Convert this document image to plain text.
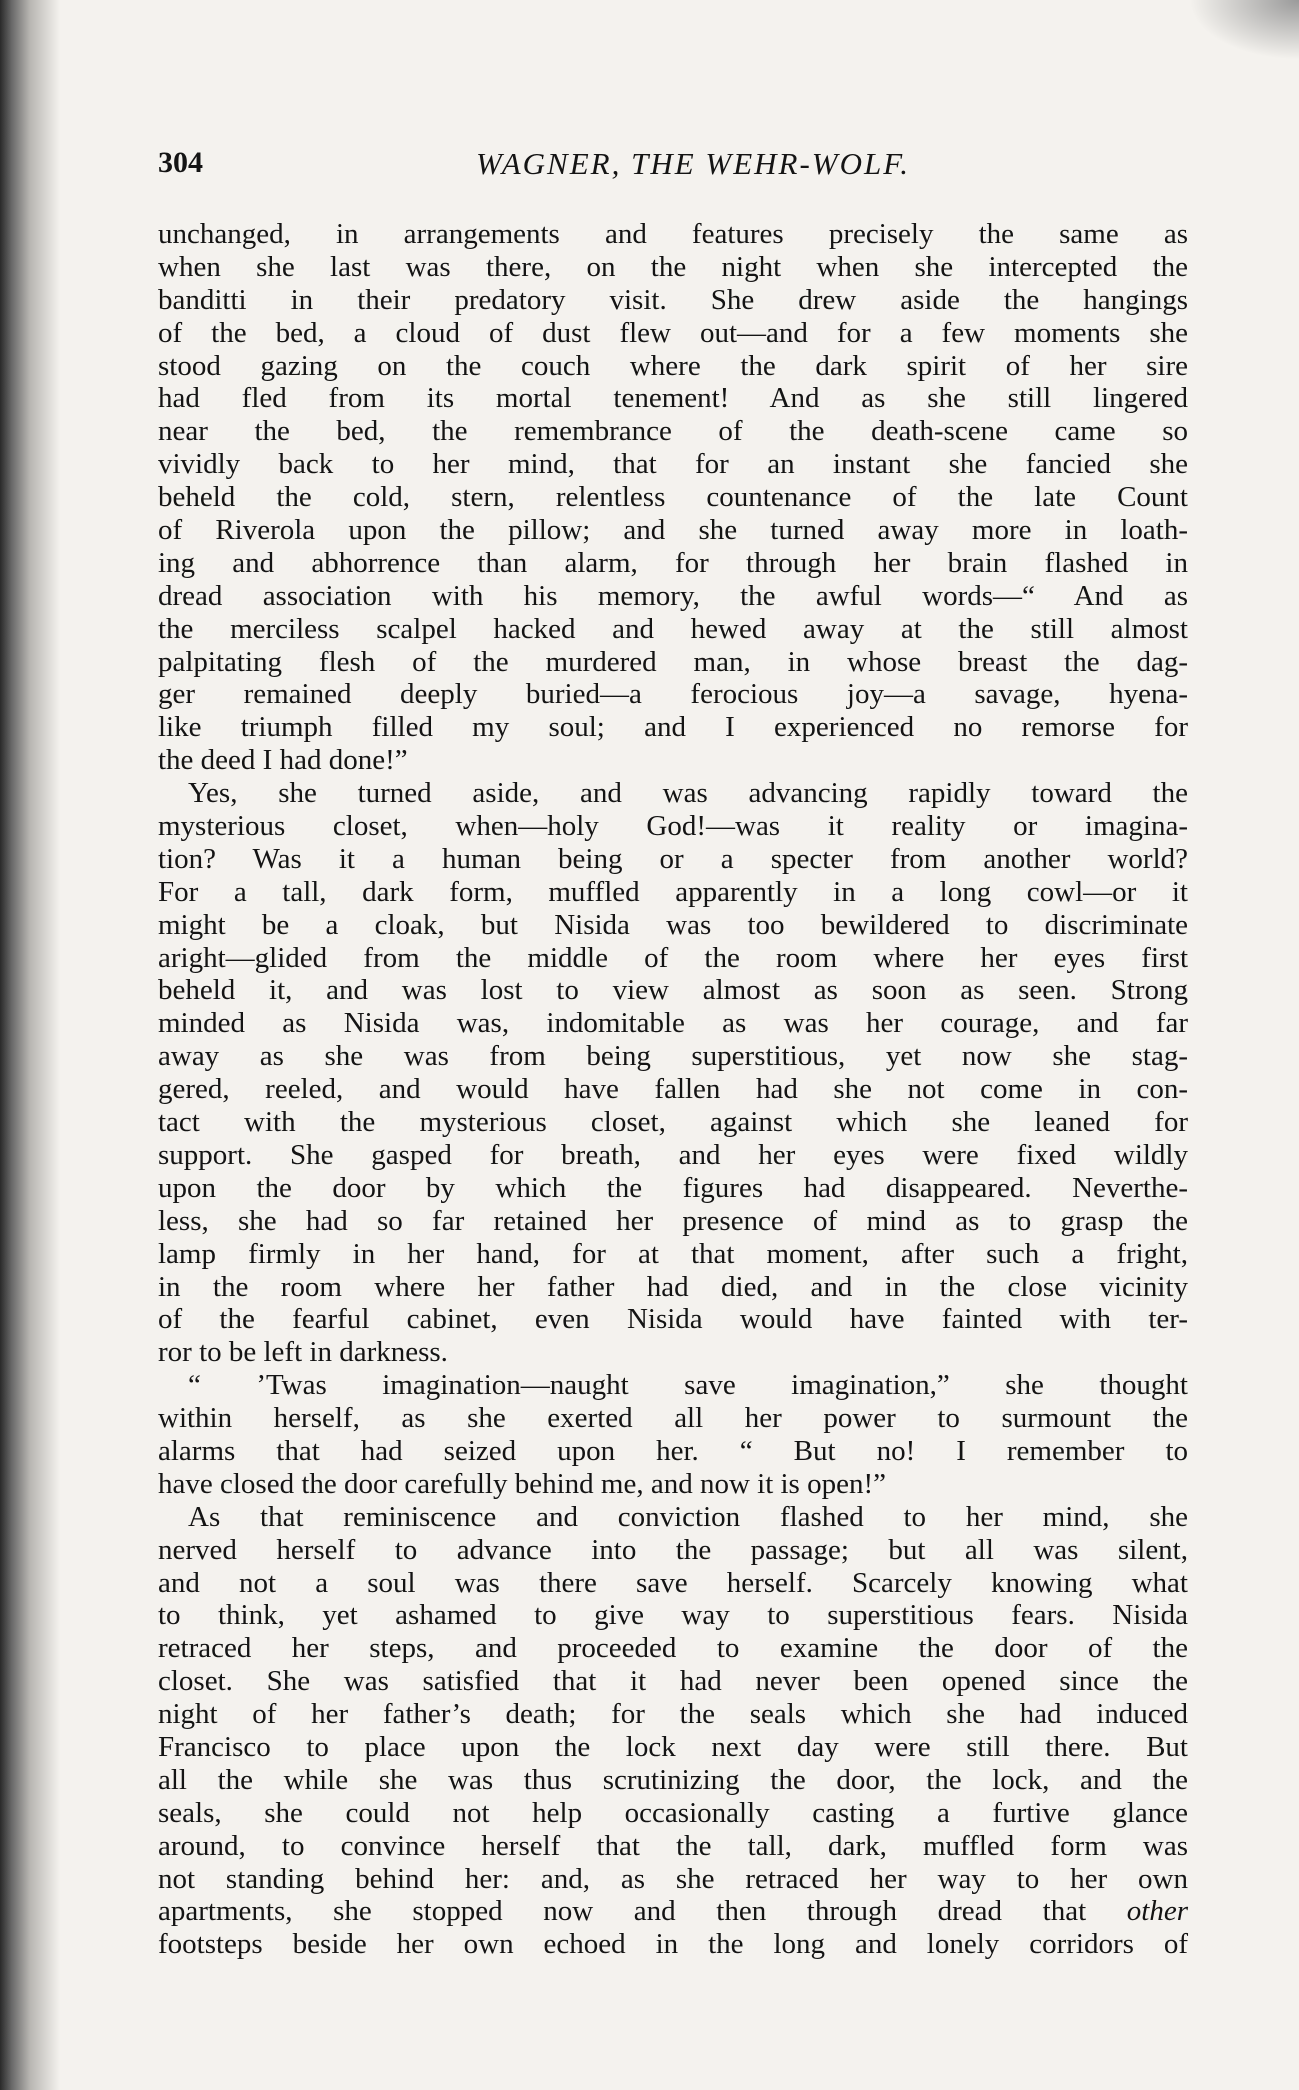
304	WAGNER, THE WEHR-WOLF.
unchanged, in arrangements and features precisely the same as
when she last was there, on the night when she intercepted the
banditti in their predatory visit. She drew aside the hangings
of the bed, a cloud of dust flew out—and for a few moments she
stood gazing on the couch where the dark spirit of her sire
had fled from its mortal tenement! And as she still lingered
near the bed, the remembrance of the death-scene came so
vividly back to her mind, that for an instant she fancied she
beheld the cold, stern, relentless countenance of the late Count
of Riverola upon the pillow; and she turned away more in loath-
ing and abhorrence than alarm, for through her brain flashed in
dread association with his memory, the awful words—“ And as
the merciless scalpel hacked and hewed away at the still almost
palpitating flesh of the murdered man, in whose breast the dag-
ger remained deeply buried—a ferocious joy—a savage, hyena-
like triumph filled my soul; and I experienced no remorse for
the deed I had done!”
Yes, she turned aside, and was advancing rapidly toward the
mysterious closet, when—holy God!—was it reality or imagina-
tion? Was it a human being or a specter from another world?
For a tall, dark form, muffled apparently in a long cowl—or it
might be a cloak, but Nisida was too bewildered to discriminate
aright—glided from the middle of the room where her eyes first
beheld it, and was lost to view almost as soon as seen. Strong
minded as Nisida was, indomitable as was her courage, and far
away as she was from being superstitious, yet now she stag-
gered, reeled, and would have fallen had she not come in con-
tact with the mysterious closet, against which she leaned for
support. She gasped for breath, and her eyes were fixed wildly
upon the door by which the figures had disappeared. Neverthe-
less, she had so far retained her presence of mind as to grasp the
lamp firmly in her hand, for at that moment, after such a fright,
in the room where her father had died, and in the close vicinity
of the fearful cabinet, even Nisida would have fainted with ter-
ror to be left in darkness.
“ ’Twas imagination—naught save imagination,” she thought
within herself, as she exerted all her power to surmount the
alarms that had seized upon her. “ But no! I remember to
have closed the door carefully behind me, and now it is open!”
As that reminiscence and conviction flashed to her mind, she
nerved herself to advance into the passage; but all was silent,
and not a soul was there save herself. Scarcely knowing what
to think, yet ashamed to give way to superstitious fears. Nisida
retraced her steps, and proceeded to examine the door of the
closet. She was satisfied that it had never been opened since the
night of her father’s death; for the seals which she had induced
Francisco to place upon the lock next day were still there. But
all the while she was thus scrutinizing the door, the lock, and the
seals, she could not help occasionally casting a furtive glance
around, to convince herself that the tall, dark, muffled form was
not standing behind her: and, as she retraced her way to her own
apartments, she stopped now and then through dread that other
footsteps beside her own echoed in the long and lonely corridors of
